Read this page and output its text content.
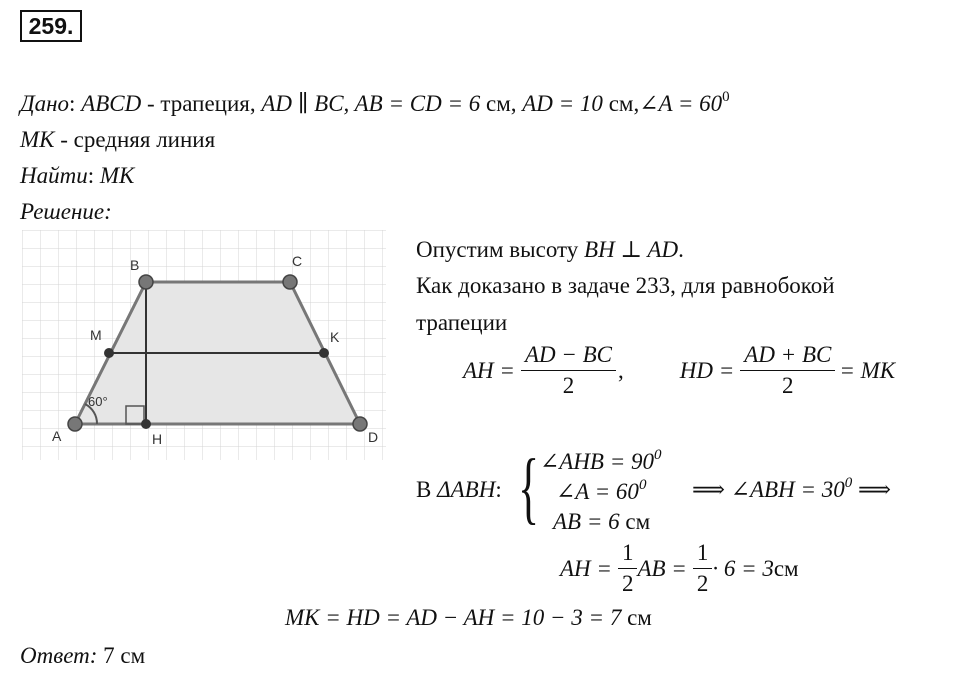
259.
Дано: ABCD - трапеция, AD ∥ BC, AB = CD = 6 см, AD = 10 см,∠A = $60^0$
MK - средняя линия
Найти: MK
Решение:
A
B	C
D
M	K
H
60°
Опустим высоту BH ⊥ AD.
Как доказано в задаче 233, для равнобокой
трапеции
AH = $\frac{AD - BC}{2}$ , HD = $\frac{AD + BC}{2}$ = MK
В ΔABH: { ∠AHB = $90^0$
∠A = $60^0$
AB = 6 см
⟹ ∠ABH = $30^0$ ⟹
AH = $\frac{1}{2}$ AB = $\frac{1}{2} \cdot 6 = 3$ см
MK = HD = AD − AH = 10 − 3 = 7 см
Ответ: 7 см
